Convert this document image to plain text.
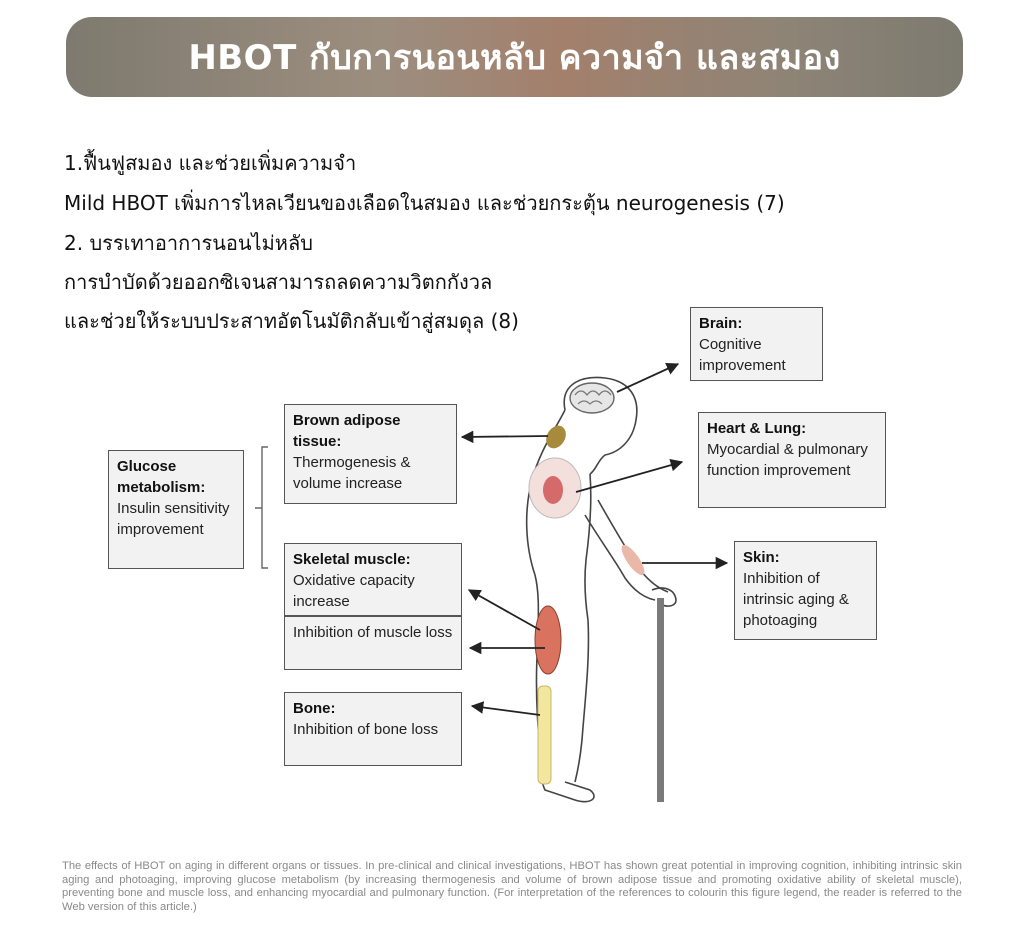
HBOT กับการนอนหลับ ความจำ และสมอง
1.ฟื้นฟูสมอง และช่วยเพิ่มความจำ
Mild HBOT เพิ่มการไหลเวียนของเลือดในสมอง และช่วยกระตุ้น neurogenesis (7)
2. บรรเทาอาการนอนไม่หลับ
การบำบัดด้วยออกซิเจนสามารถลดความวิตกกังวล
และช่วยให้ระบบประสาทอัตโนมัติกลับเข้าสู่สมดุล (8)	Brain:
Cognitive improvement
Brown adipose tissue:
Thermogenesis & volume increase
Heart & Lung:
Myocardial & pulmonary function improvement
Glucose metabolism:
Insulin sensitivity improvement
Skeletal muscle:
Oxidative capacity increase
Inhibition of muscle loss
Skin:
Inhibition of intrinsic aging & photoaging
Bone:
Inhibition of bone loss
The effects of HBOT on aging in different organs or tissues. In pre-clinical and clinical investigations, HBOT has shown great potential in improving cognition, inhibiting intrinsic skin aging and photoaging, improving glucose metabolism (by increasing thermogenesis and volume of brown adipose tissue and promoting oxidative ability of skeletal muscle), preventing bone and muscle loss, and enhancing myocardial and pulmonary function. (For interpretation of the references to colourin this figure legend, the reader is referred to the Web version of this article.)
